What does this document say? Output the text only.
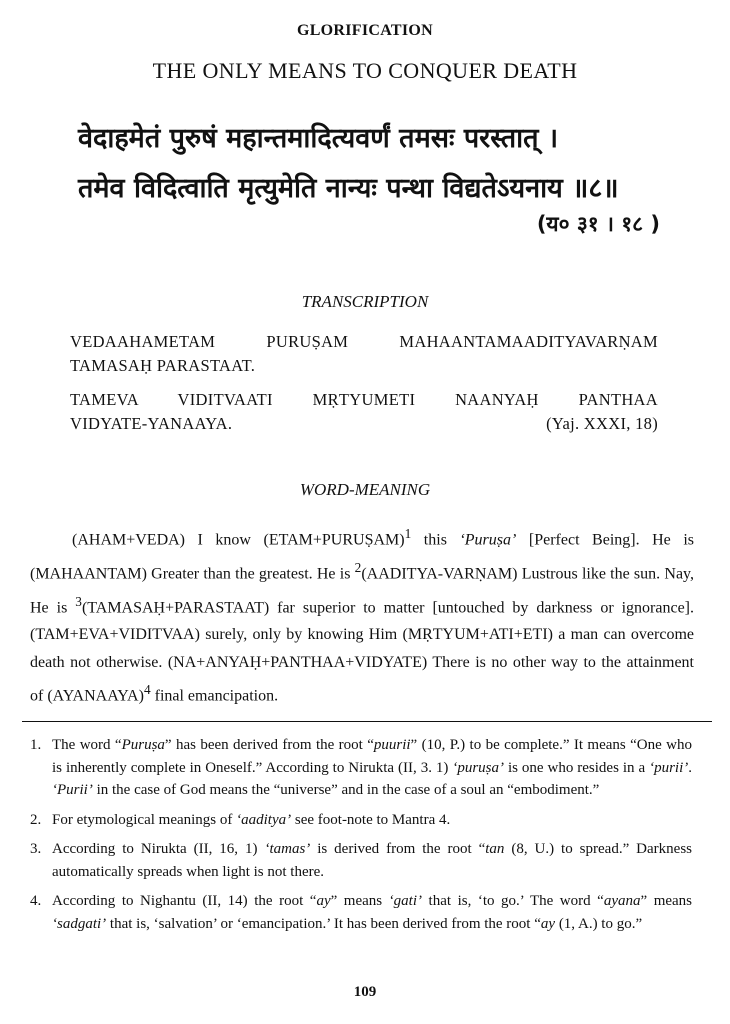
GLORIFICATION
THE ONLY MEANS TO CONQUER DEATH
वेदाहमेतं पुरुषं महान्तमादित्यवर्णं तमसः परस्तात् ।
तमेव विदित्वाति मृत्युमेति नान्यः पन्था विद्यतेऽयनाय ॥८॥
(य० ३१ । १८ )
TRANSCRIPTION
VEDAAHAMETAM PURUṢAM MAHAANTAMAADITYAVARṆAM
TAMASAḤ PARASTAAT.
TAMEVA VIDITVAATI MṚTYUMETI NAANYAḤ PANTHAA
VIDYATE-YANAAYA.	(Yaj. XXXI, 18)
WORD-MEANING

(AHAM+VEDA) I know (ETAM+PURUṢAM)$^1$ this ‘Puruṣa’ [Perfect Being]. He is (MAHAANTAM) Greater than the greatest. He is $^2$(AADITYA-VARṆAM) Lustrous like the sun. Nay, He is $^3$(TAMASAḤ+PARASTAAT) far superior to matter [untouched by darkness or ignorance]. (TAM+EVA+VIDITVAA) surely, only by knowing Him (MṚTYUM+ATI+ETI) a man can overcome death not otherwise. (NA+ANYAḤ+PANTHAA+VIDYATE) There is no other way to the attainment of (AYANAAYA)$^4$ final emancipation.

1. The word “Puruṣa” has been derived from the root “puurii” (10, P.) to be complete.” It means “One who is inherently complete in Oneself.” According to Nirukta (II, 3. 1) ‘puruṣa’ is one who resides in a ‘purii’. ‘Purii’ in the case of God means the “universe” and in the case of a soul an “embodiment.”
2. For etymological meanings of ‘aaditya’ see foot-note to Mantra 4.
3. According to Nirukta (II, 16, 1) ‘tamas’ is derived from the root “tan (8, U.) to spread.” Darkness automatically spreads when light is not there.
4. According to Nighantu (II, 14) the root “ay” means ‘gati’ that is, ‘to go.’ The word “ayana” means ‘sadgati’ that is, ‘salvation’ or ‘emancipation.’ It has been derived from the root “ay (1, A.) to go.”
109
